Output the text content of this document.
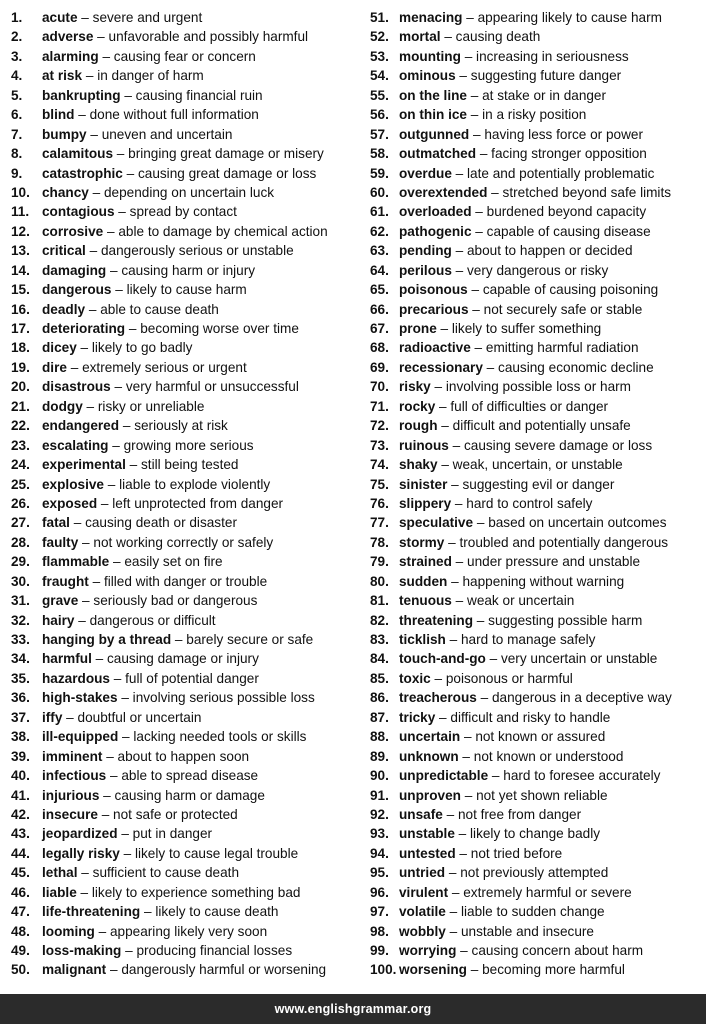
1.	acute – severe and urgent
2.	adverse – unfavorable and possibly harmful
3.	alarming – causing fear or concern
4.	at risk – in danger of harm
5.	bankrupting – causing financial ruin
6.	blind – done without full information
7.	bumpy – uneven and uncertain
8.	calamitous – bringing great damage or misery
9.	catastrophic – causing great damage or loss
10. chancy – depending on uncertain luck
11. contagious – spread by contact
12. corrosive – able to damage by chemical action
13. critical – dangerously serious or unstable
14. damaging – causing harm or injury
15. dangerous – likely to cause harm
16. deadly – able to cause death
17. deteriorating – becoming worse over time
18. dicey – likely to go badly
19. dire – extremely serious or urgent
20. disastrous – very harmful or unsuccessful
21. dodgy – risky or unreliable
22. endangered – seriously at risk
23. escalating – growing more serious
24. experimental – still being tested
25. explosive – liable to explode violently
26. exposed – left unprotected from danger
27. fatal – causing death or disaster
28. faulty – not working correctly or safely
29. flammable – easily set on fire
30. fraught – filled with danger or trouble
31. grave – seriously bad or dangerous
32. hairy – dangerous or difficult
33. hanging by a thread – barely secure or safe
34. harmful – causing damage or injury
35. hazardous – full of potential danger
36. high-stakes – involving serious possible loss
37. iffy – doubtful or uncertain
38. ill-equipped – lacking needed tools or skills
39. imminent – about to happen soon
40. infectious – able to spread disease
41. injurious – causing harm or damage
42. insecure – not safe or protected
43. jeopardized – put in danger
44. legally risky – likely to cause legal trouble
45. lethal – sufficient to cause death
46. liable – likely to experience something bad
47. life-threatening – likely to cause death
48. looming – appearing likely very soon
49. loss-making – producing financial losses
50. malignant – dangerously harmful or worsening
51. menacing – appearing likely to cause harm
52. mortal – causing death
53. mounting – increasing in seriousness
54. ominous – suggesting future danger
55. on the line – at stake or in danger
56. on thin ice – in a risky position
57. outgunned – having less force or power
58. outmatched – facing stronger opposition
59. overdue – late and potentially problematic
60. overextended – stretched beyond safe limits
61. overloaded – burdened beyond capacity
62. pathogenic – capable of causing disease
63. pending – about to happen or decided
64. perilous – very dangerous or risky
65. poisonous – capable of causing poisoning
66. precarious – not securely safe or stable
67. prone – likely to suffer something
68. radioactive – emitting harmful radiation
69. recessionary – causing economic decline
70. risky – involving possible loss or harm
71. rocky – full of difficulties or danger
72. rough – difficult and potentially unsafe
73. ruinous – causing severe damage or loss
74. shaky – weak, uncertain, or unstable
75. sinister – suggesting evil or danger
76. slippery – hard to control safely
77. speculative – based on uncertain outcomes
78. stormy – troubled and potentially dangerous
79. strained – under pressure and unstable
80. sudden – happening without warning
81. tenuous – weak or uncertain
82. threatening – suggesting possible harm
83. ticklish – hard to manage safely
84. touch-and-go – very uncertain or unstable
85. toxic – poisonous or harmful
86. treacherous – dangerous in a deceptive way
87. tricky – difficult and risky to handle
88. uncertain – not known or assured
89. unknown – not known or understood
90. unpredictable – hard to foresee accurately
91. unproven – not yet shown reliable
92. unsafe – not free from danger
93. unstable – likely to change badly
94. untested – not tried before
95. untried – not previously attempted
96. virulent – extremely harmful or severe
97. volatile – liable to sudden change
98. wobbly – unstable and insecure
99. worrying – causing concern about harm
100. worsening – becoming more harmful
www.englishgrammar.org
